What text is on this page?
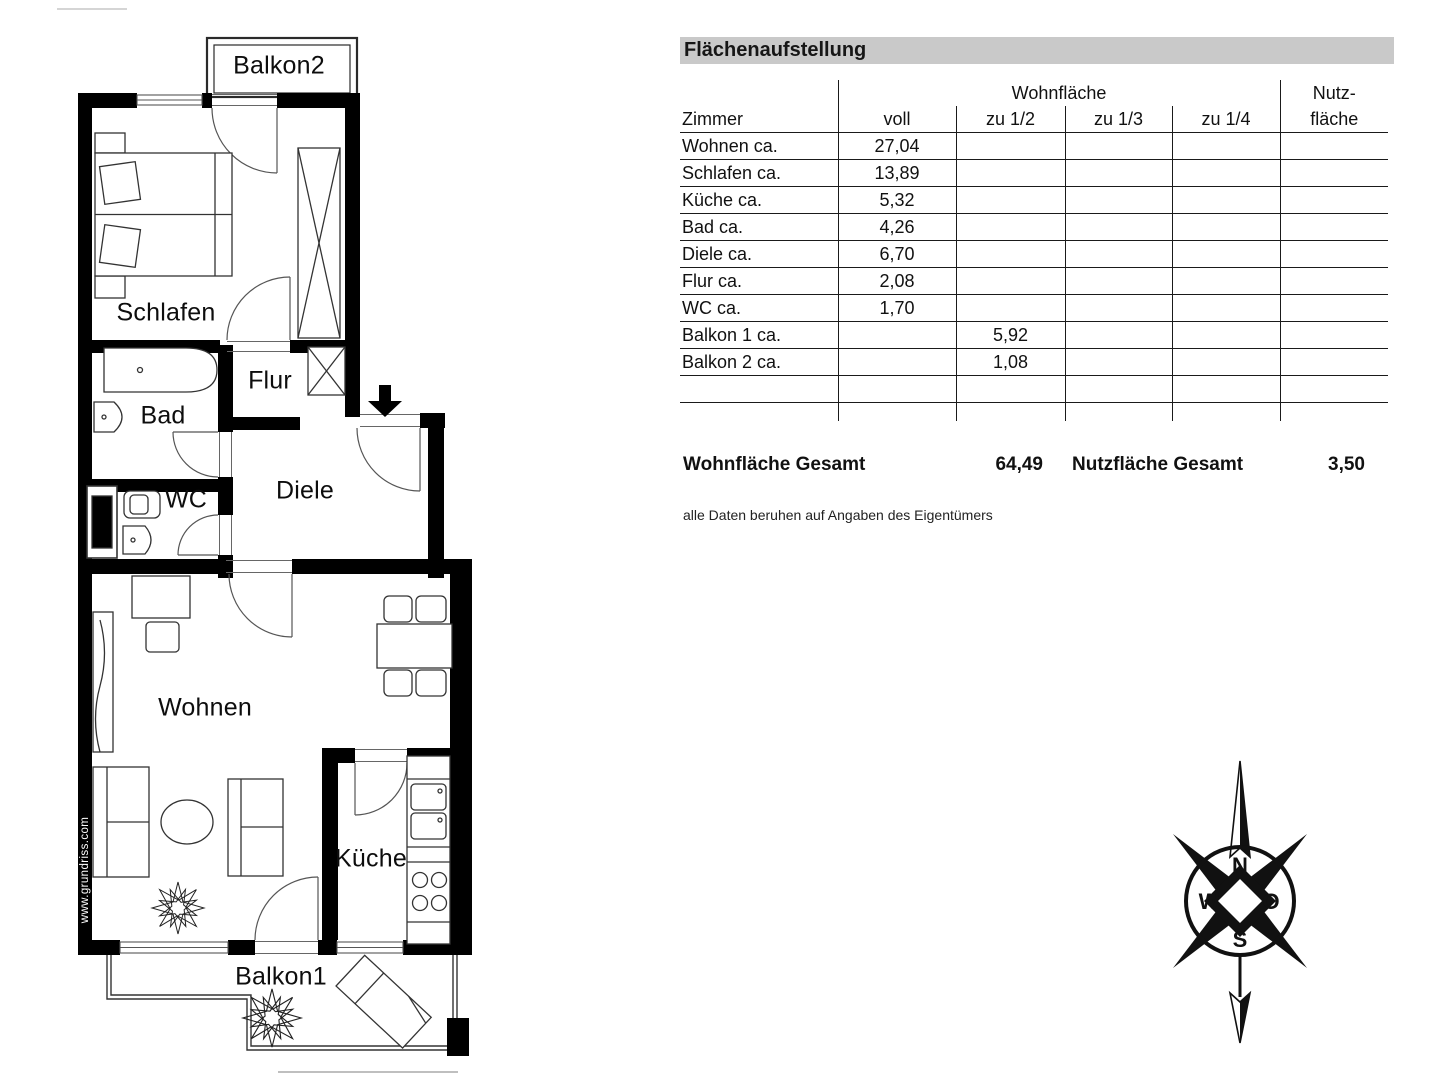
Balkon2
Schlafen
Flur
Bad
WC	Diele
Wohnen
Küche
Balkon1
www.grundriss.com
Flächenaufstellung
	Wohnfläche				Nutz-
Zimmer	voll	zu 1/2	zu 1/3	zu 1/4	fläche
Wohnen ca.	27,04				
Schlafen ca.	13,89				
Küche ca.	5,32				
Bad ca.	4,26				
Diele ca.	6,70				
Flur ca.	2,08				
WC ca.	1,70				
Balkon 1 ca.		5,92			
Balkon 2 ca.		1,08			

Wohnfläche Gesamt	64,49 Nutzfläche Gesamt	3,50
alle Daten beruhen auf Angaben des Eigentümers
N
O
S
W
